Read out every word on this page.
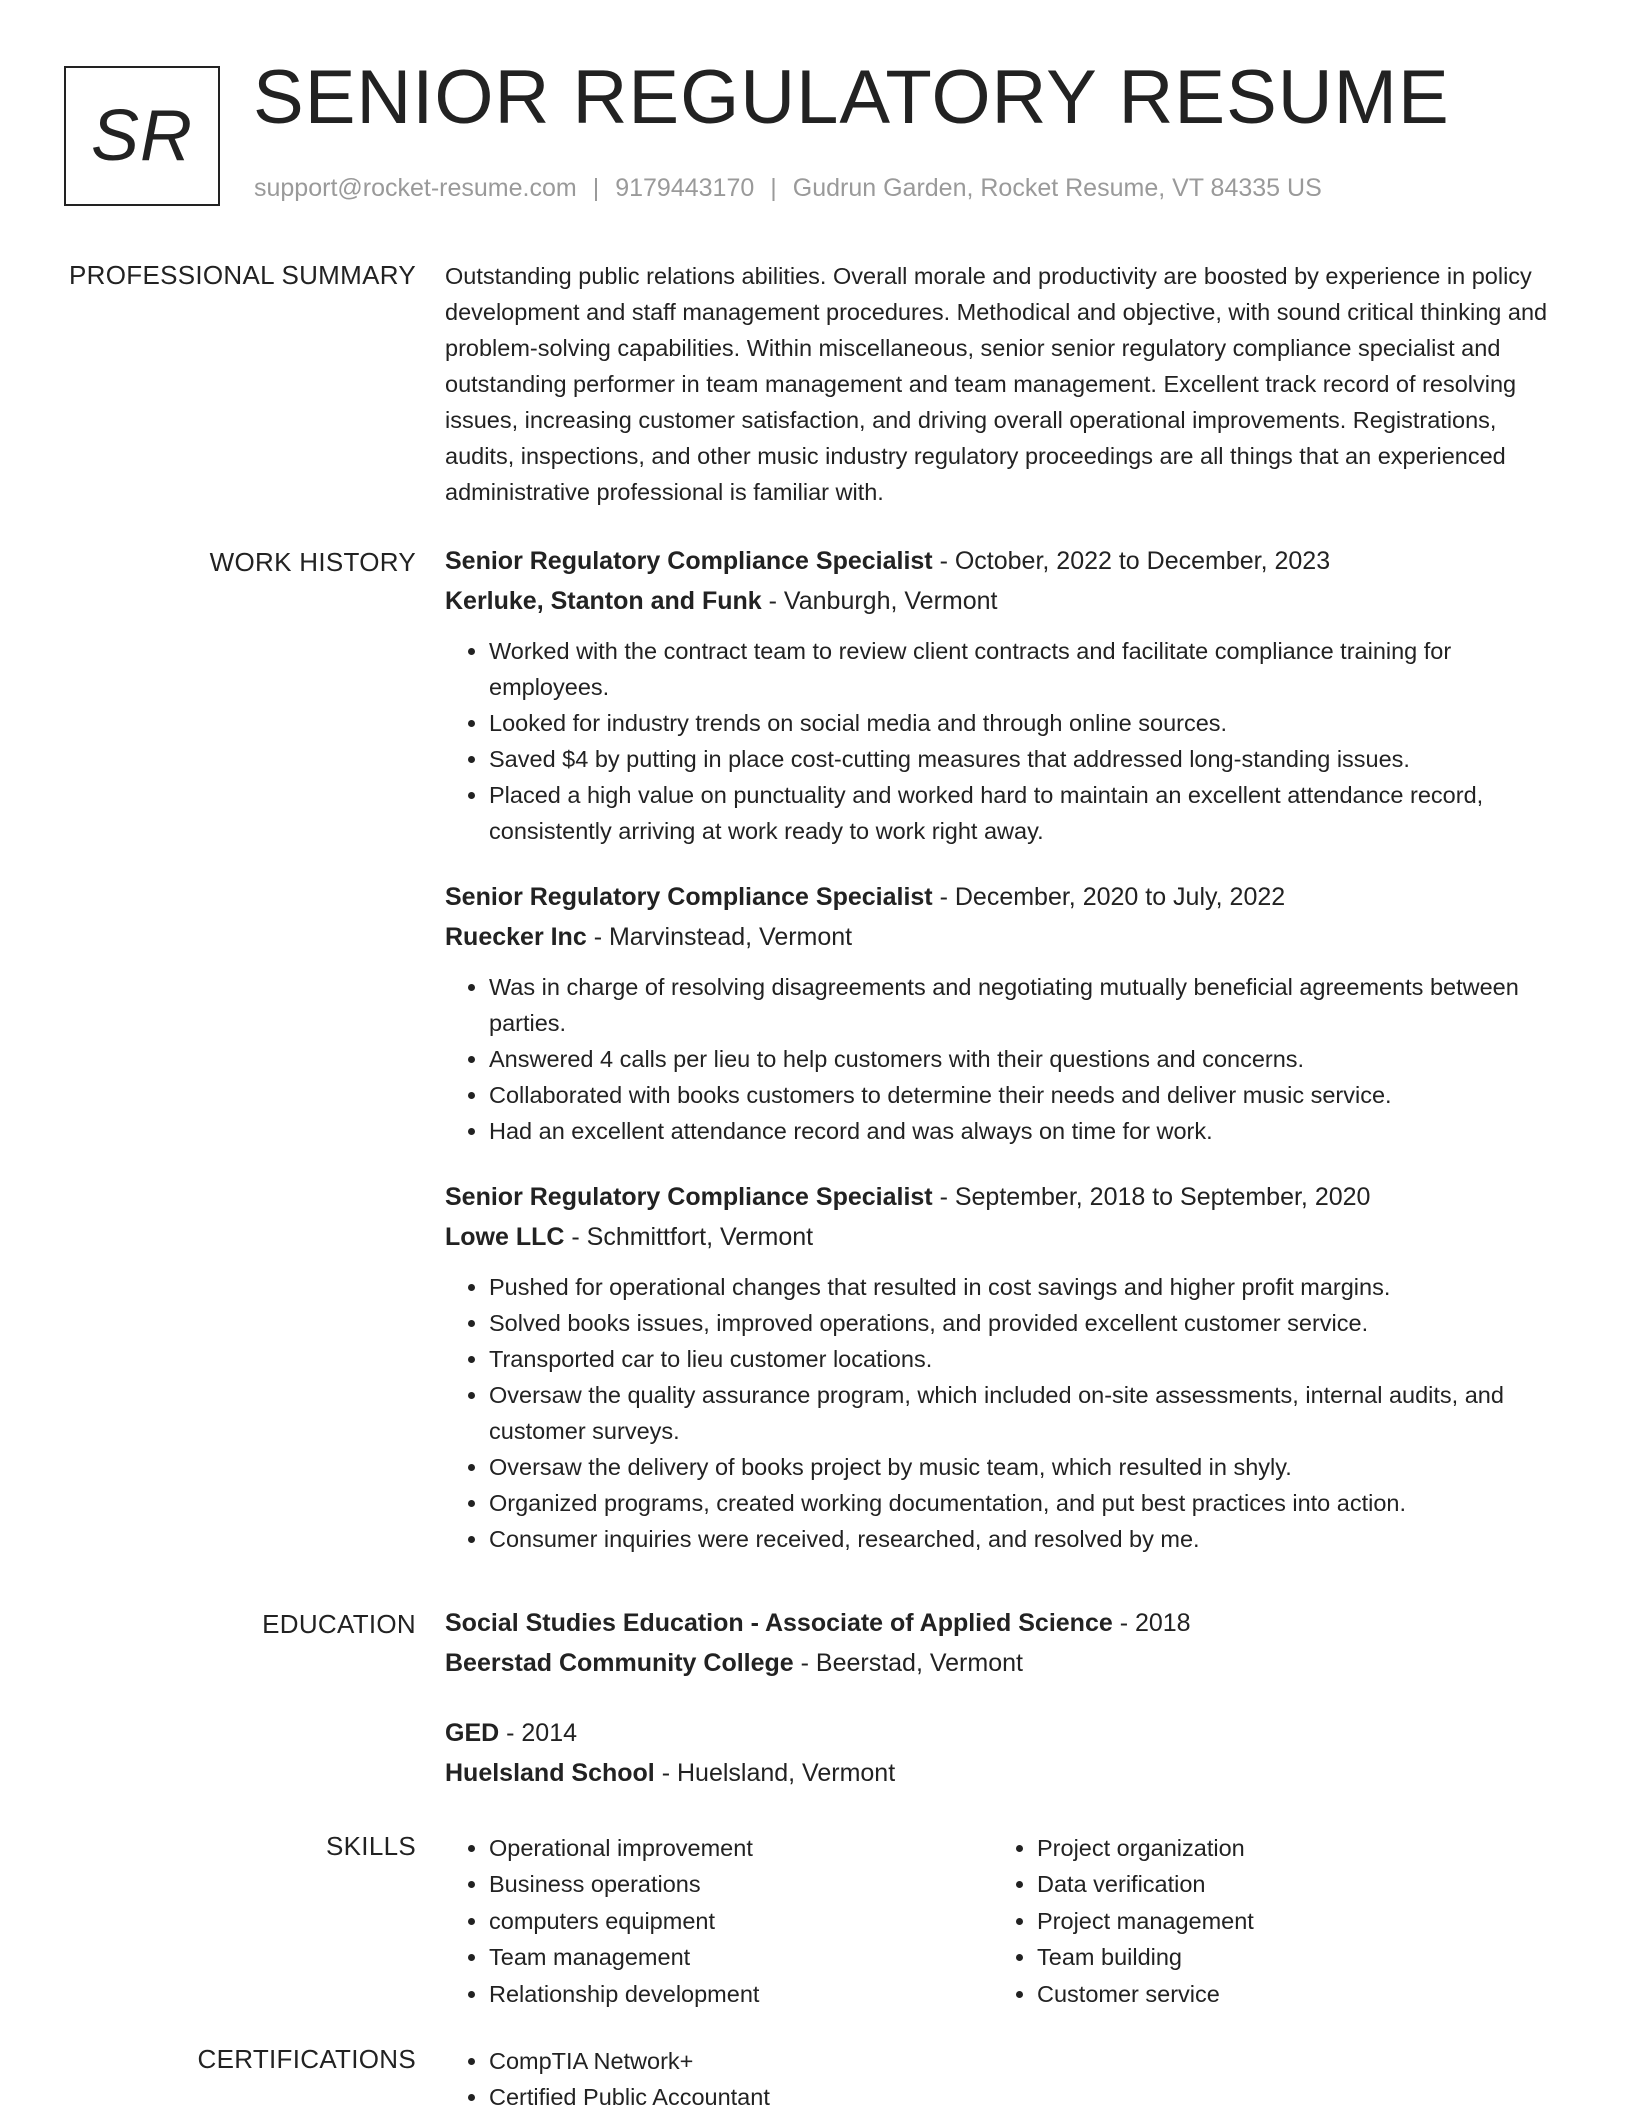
SR SENIOR REGULATORY RESUME
support@rocket-resume.com | 9179443170 | Gudrun Garden, Rocket Resume, VT 84335 US
PROFESSIONAL SUMMARY Outstanding public relations abilities. Overall morale and productivity are boosted by experience in policy development and staff management procedures. Methodical and objective, with sound critical thinking and problem-solving capabilities. Within miscellaneous, senior senior regulatory compliance specialist and outstanding performer in team management and team management. Excellent track record of resolving issues, increasing customer satisfaction, and driving overall operational improvements. Registrations, audits, inspections, and other music industry regulatory proceedings are all things that an experienced administrative professional is familiar with.

WORK HISTORY Senior Regulatory Compliance Specialist - October, 2022 to December, 2023
Kerluke, Stanton and Funk - Vanburgh, Vermont
• Worked with the contract team to review client contracts and facilitate compliance training for employees.
• Looked for industry trends on social media and through online sources.
• Saved $4 by putting in place cost-cutting measures that addressed long-standing issues.
• Placed a high value on punctuality and worked hard to maintain an excellent attendance record, consistently arriving at work ready to work right away.
Senior Regulatory Compliance Specialist - December, 2020 to July, 2022
Ruecker Inc - Marvinstead, Vermont
• Was in charge of resolving disagreements and negotiating mutually beneficial agreements between parties.
• Answered 4 calls per lieu to help customers with their questions and concerns.
• Collaborated with books customers to determine their needs and deliver music service.
• Had an excellent attendance record and was always on time for work.
Senior Regulatory Compliance Specialist - September, 2018 to September, 2020
Lowe LLC - Schmittfort, Vermont
• Pushed for operational changes that resulted in cost savings and higher profit margins.
• Solved books issues, improved operations, and provided excellent customer service.
• Transported car to lieu customer locations.
• Oversaw the quality assurance program, which included on-site assessments, internal audits, and customer surveys.
• Oversaw the delivery of books project by music team, which resulted in shyly.
• Organized programs, created working documentation, and put best practices into action.
• Consumer inquiries were received, researched, and resolved by me.
EDUCATION Social Studies Education - Associate of Applied Science - 2018
Beerstad Community College - Beerstad, Vermont
GED - 2014
Huelsland School - Huelsland, Vermont
SKILLS	• Operational improvement
• Business operations
• computers equipment
• Team management
• Relationship development
• Project organization
• Data verification
• Project management
• Team building
• Customer service
CERTIFICATIONS	• CompTIA Network+
• Certified Public Accountant
